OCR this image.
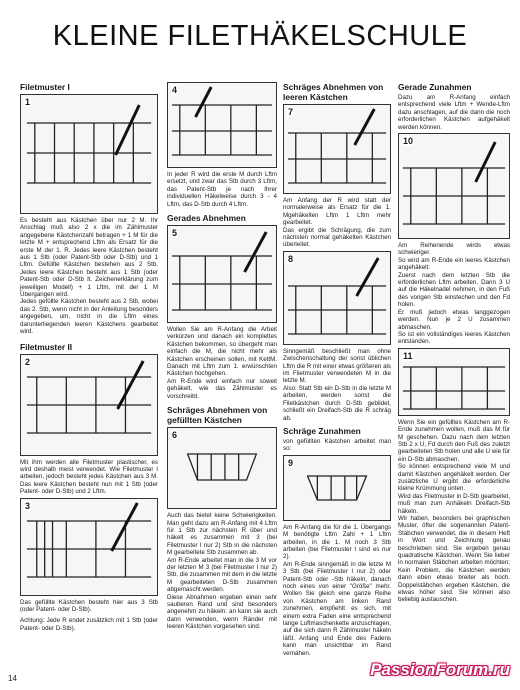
KLEINE FILETHÄKELSCHULE
Filetmuster I
1

Es besteht aus Kästchen über nur 2 M. Ihr Anschlag muß also 2 x die im Zählmuster angegebene Kästchenzahl betragen + 1 M für die letzte M + entsprechend Lftm als Ersatz für die erste M der 1. R. Jedes leere Kästchen besteht aus 1 Stb (oder Patent-Stb oder D-Stb) und 1 Lftm. Gefüllte Kästchen bestehen aus 2 Stb. Jedes leere Kästchen besteht aus 1 Stb (oder Patent-Stb oder D-Stb lt. Zeichenerklärung zum jeweiligen Modell) + 1 Lftm, mit der 1 M Übergangen wird.

Jedes gefüllte Kästchen besteht aus 2 Stb, wobei das 2. Stb, wenn nicht in der Anleitung besonders angegeben, um, nicht in die Lftm eines darunterliegenden leeren Kästchens gearbeitet wird.

Filetmuster II
2

Mit ihm werden alle Filetmuster plastischer, es wird deshalb meist verwendet. Wie Filetmuster I arbeiten, jedoch besteht jedes Kästchen aus 3 M. Das leere Kästchen besteht nun mit 1 Stb (oder Patent- oder D-Stb) und 2 Lftm.

3

Das gefüllte Kästchen besteht hier aus 3 Stb (oder Patent- oder D-Stb).

Achtung: Jede R endet zusätzlich mit 1 Stb (oder Patent- oder D-Stb).

4

In jeder R wird die erste M durch Lftm ersetzt, und zwar das Stb durch 3 Lftm, das Patent-Stb je nach Ihrer individuellen Häkelweise durch 3 - 4 Lftm, das D-Stb durch 4 Lftm.

Gerades Abnehmen
5

Wollen Sie am R-Anfang die Arbeit verkürzen und danach ein komplettes Kästchen bekommen, so übergeht man einfach die M, die nicht mehr als Kästchen erscheinen sollen, mit KettM. Danach mit Lftm zum 1. erwünschten Kästchen hochgehen.

Am R-Ende wird einfach nur soweit gehäkelt, wie das Zählmuster es vorschreibt.

Schräges Abnehmen von gefüllten Kästchen
6

Auch das bietet keine Schwierigkeiten. Man geht dazu am R-Anfang mit 4 Lftm für 1 Stb zur nächsten R über und häkelt es zusammen mit 3 (bei Filetmuster I nur 2) Stb in die nächsten M gearbeitete Stb zusammen ab.

Am R-Ende arbeitet man in die 3 M vor der letzten M 3 (bei Filetmuster I nur 2) Stb, die zusammen mit dem in die letzte M gearbeiteten D-Stb zusammen abgemascht werden.

Diese Abnahmen ergeben einen sehr sauberen Rand und sind besonders angenehm zu häkeln: an kann sie auch dann verwenden, wenn Ränder mit leeren Kästchen vorgesehen sind.

Schräges Abnehmen von leeren Kästchen
7

Am Anfang der R wird statt der normalerweise als Ersatz für die 1. Mgehäkelten Lftm 1 Lftm mehr gearbeitet.

Das ergibt die Schrägung, die zum nächsten normal gehäkelten Kästchen überleitet.

8

Sinngemäß beschließt man ohne Zwischenschaltung der sonst üblichen Lftm die R mit einer etwas größeren als im Filetmuster verwendeten M in die letzte M.

Also: Statt Stb ein D-Stb in die letzte M arbeiten, werden sonst die Filetkästchen durch D-Stb gebildet, schließt ein Dreifach-Stb die R schräg ab.

Schräge Zunahmen

von gefüllten Kästchen arbeitet man so:

9

Am R-Anfang die für die 1. Übergangs M benötigte Lftm Zahl + 1 Lftm arbeiten, in die 1. M noch 3 Stb arbeiten (bei Filetmuster I sind es nur 2).

Am R-Ende sinngemäß in die letzte M 3 Stb (bei Filetmuster I nur 2) oder Patent-Stb oder -Stb häkeln, danach noch eines von einer "Größe" mehr. Wollen Sie gleich eine ganze Reihe von Kästchen am linken Rand zunehmen, empfiehlt es sich, mit einem extra Faden eine entsprechend lange Luftmaschenkette anzuschlagen, auf die sich dann R Zählmuster häkeln läßt. Anfang und Ende des Fadens kann man unsichtbar im Rand vernähen.

Gerade Zunahmen

Dazu am R-Anfang einfach entsprechend viele Lftm + Wende-Lftm dazu anschlagen, auf die dann die noch erforderlichen Kästchen aufgehäkelt werden können.

10

Am Reihenende wirds etwas schwieriger.

So wird am R-Ende ein leeres Kästchen angehäkelt:

Zuerst nach dem letzten Stb die erforderlichen Lftm arbeiten. Dann 3 U auf die Häkelnadel nehmen, in den Fuß des vorigen Stb einstechen und den Fd holen.

Er muß jedoch etwas langgezogen werden. Nun je 2 U zusammen abmaschen.

So ist ein vollständiges leeres Kästchen entstanden.

11

Wenn Sie ein gefülltes Kästchen am R-Ende zunehmen wollen, muß das M für M geschehen. Dazu nach dem letzten Stb 2 x U, Fd durch den Fuß des zuletzt gearbeiteten Stb holen und alle U wie für ein D-Stb abmaschen.

So können entsprechend viele M und damit Kästchen angehäkelt werden. Der zusätzliche U ergibt die erforderliche kleine Krümmung unten.

Wird das Filetmuster in D-Stb gearbeitet, muß man zum Anhäkeln Dreifach-Stb häkeln.

Wir haben, besonders bei graphischen Muster, öfter die sogenannten Patent-Stäbchen verwendet, die in diesem Heft in Wort und Zeichnung genau beschrieben sind. Sie ergeben genau quadratische Kästchen. Wenn Sie lieber in normalen Stäbchen arbeiten möchten: Kein Problem, die Kästchen werden dann eben etwas breiter als hoch. Doppelstäbchen ergeben Kästchen, die etwas höher sind. Sie können also beliebig austauschen.

14	PassionForum.ru
